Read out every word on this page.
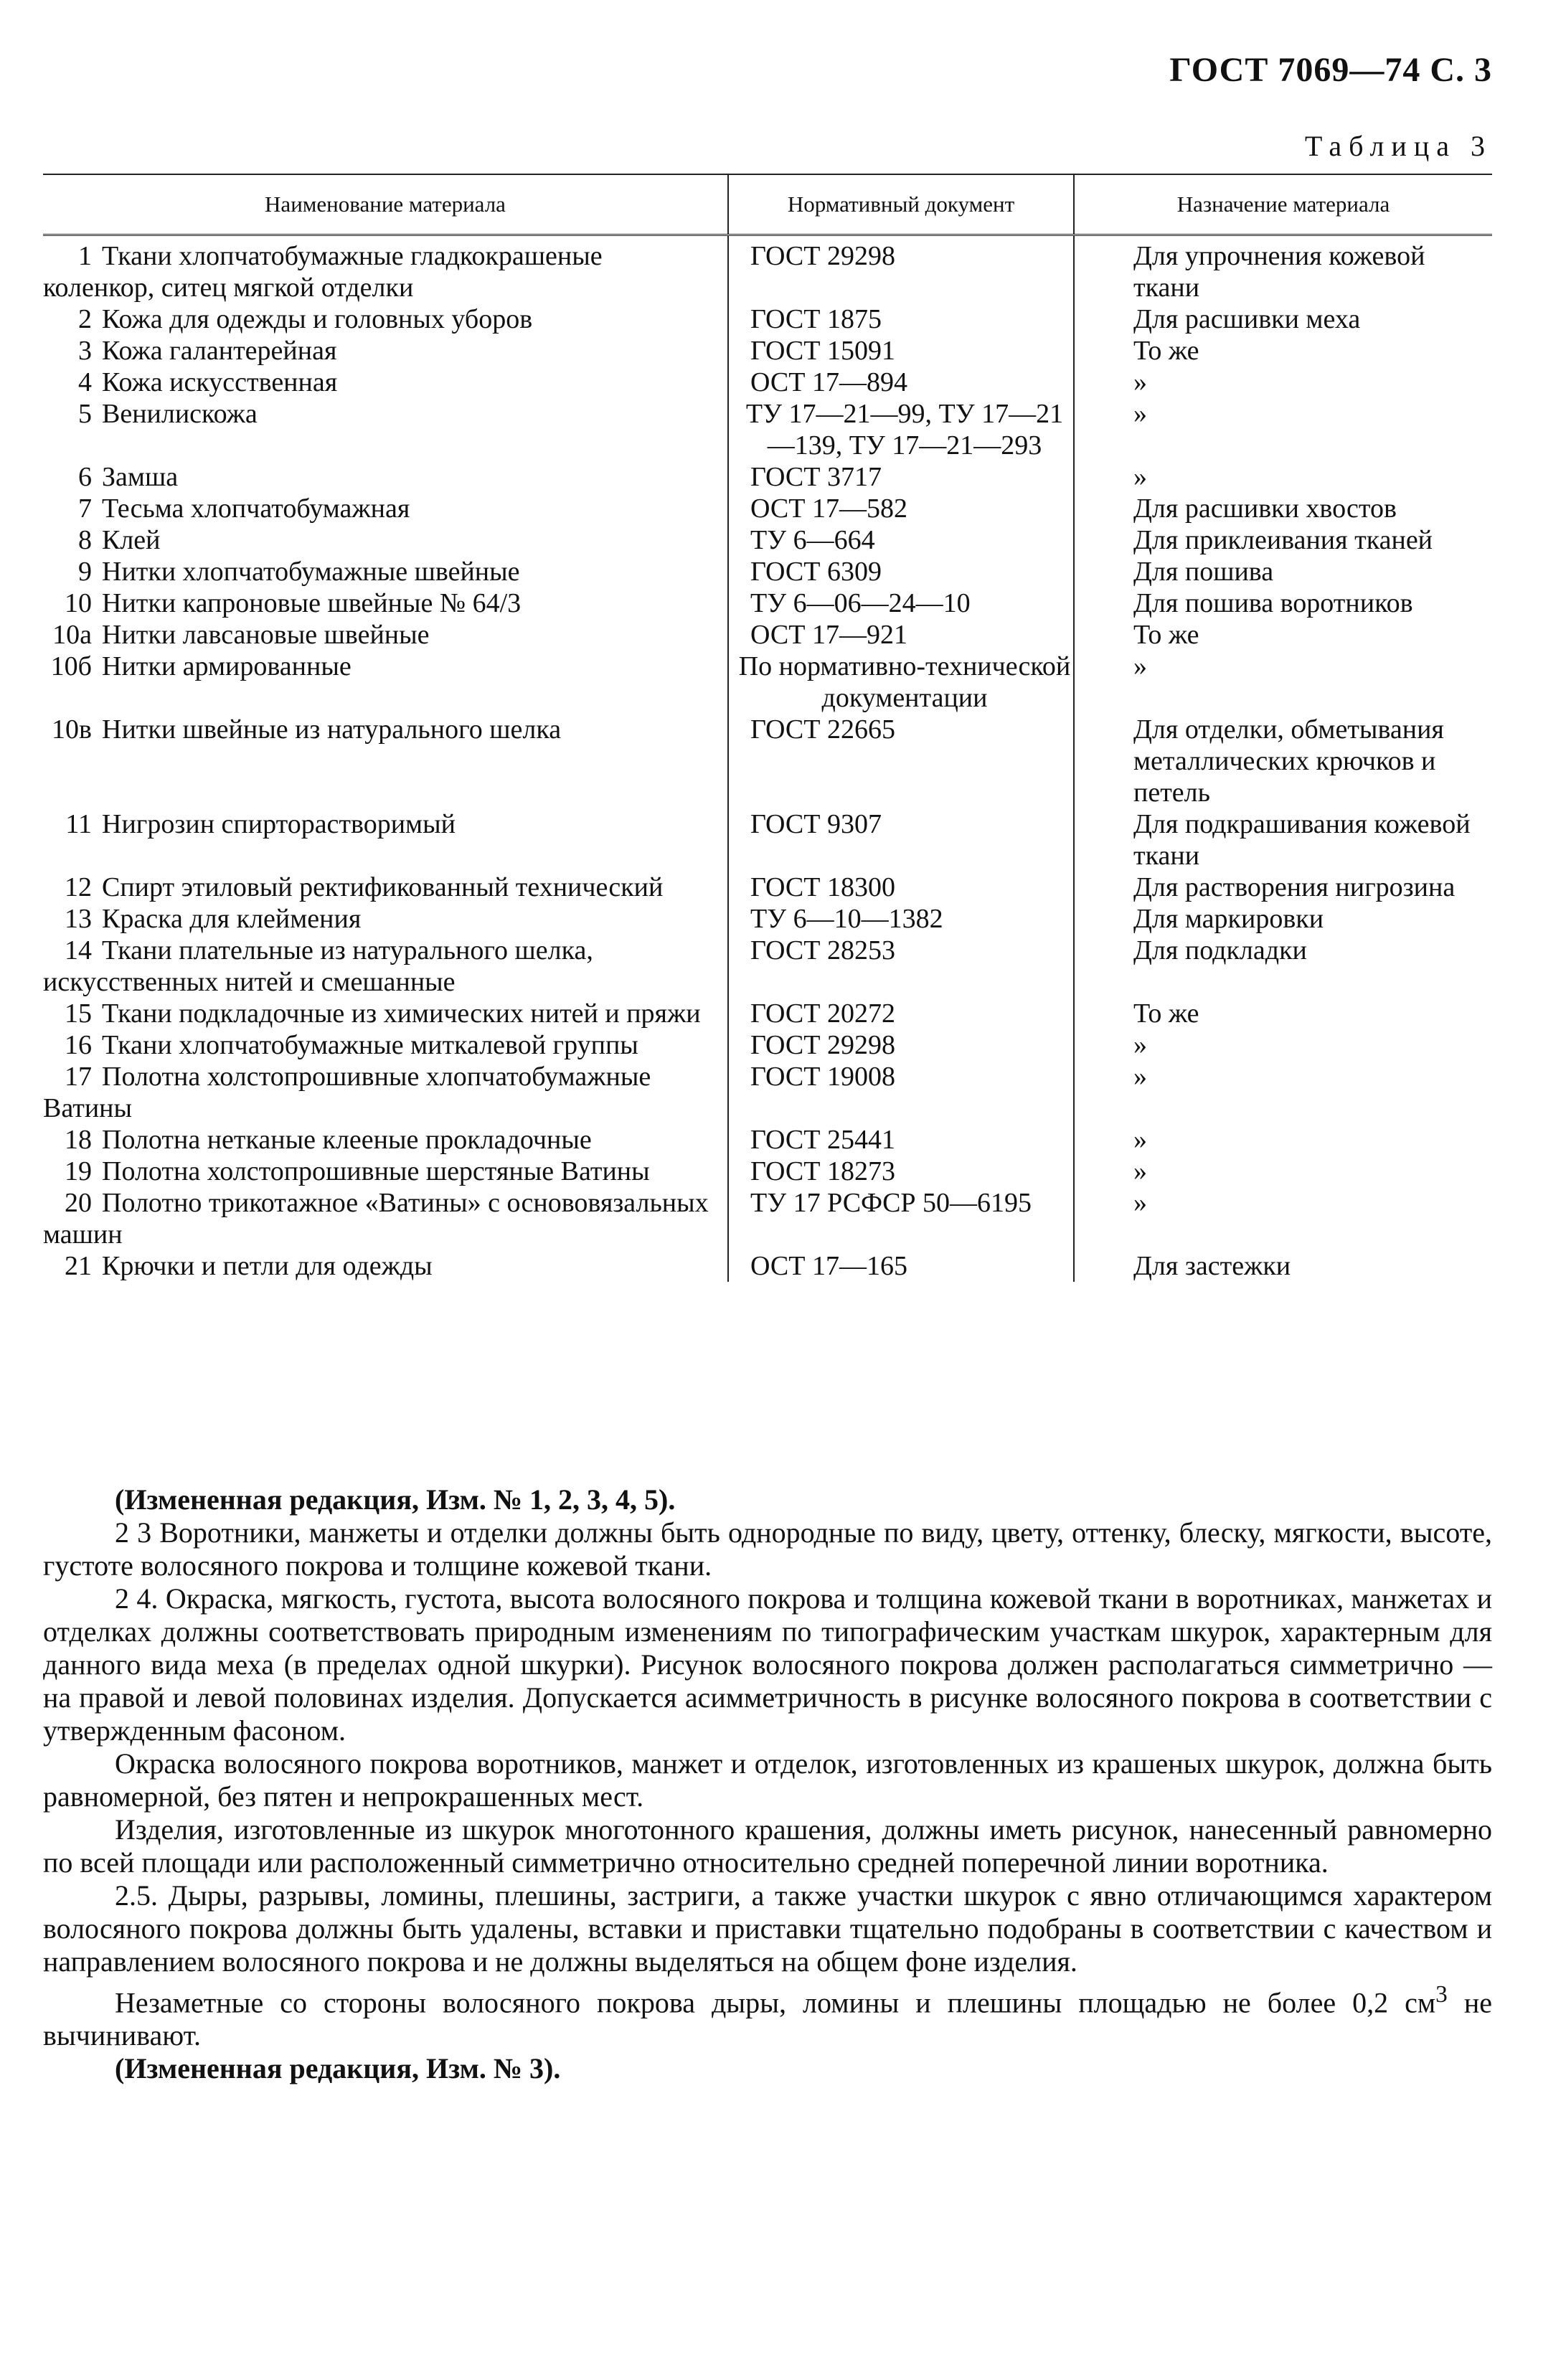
ГОСТ 7069—74 С. 3
Таблица 3
Наименование материала	Нормативный документ	Назначение материала
1 Ткани хлопчатобумажные гладкокрашеные коленкор, ситец мягкой отделки	ГОСТ 29298	Для упрочнения кожевой ткани

2 Кожа для одежды и головных уборов	ГОСТ 1875	Для расшивки меха

3 Кожа галантерейная	ГОСТ 15091	То же

4 Кожа искусственная	ОСТ 17—894	»

5 Венилискожа	ТУ 17—21—99, ТУ 17—21—139, ТУ 17—21—293	»

6 Замша	ГОСТ 3717	»

7 Тесьма хлопчатобумажная	ОСТ 17—582	Для расшивки хвостов

8 Клей	ТУ 6—664	Для приклеивания тканей

9 Нитки хлопчатобумажные швейные	ГОСТ 6309	Для пошива

10 Нитки капроновые швейные № 64/3	ТУ 6—06—24—10	Для пошива воротников

10а Нитки лавсановые швейные	ОСТ 17—921	То же

10б Нитки армированные	По нормативно-технической документации	»

10в Нитки швейные из натурального шелка	ГОСТ 22665	Для отделки, обметывания металлических крючков и петель

11 Нигрозин спирторастворимый	ГОСТ 9307	Для подкрашивания кожевой ткани

12 Спирт этиловый ректификованный технический	ГОСТ 18300	Для растворения нигрозина

13 Краска для клеймения	ТУ 6—10—1382	Для маркировки

14 Ткани плательные из натурального шелка, искусственных нитей и смешанные	ГОСТ 28253	Для подкладки

15 Ткани подкладочные из химических нитей и пряжи	ГОСТ 20272	То же

16 Ткани хлопчатобумажные миткалевой группы	ГОСТ 29298	»

17 Полотна холстопрошивные хлопчатобумажные Ватины	ГОСТ 19008	»

18 Полотна нетканые клееные прокладочные	ГОСТ 25441	»

19 Полотна холстопрошивные шерстяные Ватины	ГОСТ 18273	»

20 Полотно трикотажное «Ватины» с основовязальных машин	ТУ 17 РСФСР 50—6195	»

21 Крючки и петли для одежды	ОСТ 17—165	Для застежки

(Измененная редакция, Изм. № 1, 2, 3, 4, 5).

2 3 Воротники, манжеты и отделки должны быть однородные по виду, цвету, оттенку, блеску, мягкости, высоте, густоте волосяного покрова и толщине кожевой ткани.

2 4. Окраска, мягкость, густота, высота волосяного покрова и толщина кожевой ткани в воротниках, манжетах и отделках должны соответствовать природным изменениям по типографическим участкам шкурок, характерным для данного вида меха (в пределах одной шкурки). Рисунок волосяного покрова должен располагаться симметрично — на правой и левой половинах изделия. Допускается асимметричность в рисунке волосяного покрова в соответствии с утвержденным фасоном.

Окраска волосяного покрова воротников, манжет и отделок, изготовленных из крашеных шкурок, должна быть равномерной, без пятен и непрокрашенных мест.

Изделия, изготовленные из шкурок многотонного крашения, должны иметь рисунок, нанесенный равномерно по всей площади или расположенный симметрично относительно средней поперечной линии воротника.

2.5. Дыры, разрывы, ломины, плешины, застриги, а также участки шкурок с явно отличающимся характером волосяного покрова должны быть удалены, вставки и приставки тщательно подобраны в соответствии с качеством и направлением волосяного покрова и не должны выделяться на общем фоне изделия.

Незаметные со стороны волосяного покрова дыры, ломины и плешины площадью не более 0,2 $см^3$ не вычинивают.

(Измененная редакция, Изм. № 3).
